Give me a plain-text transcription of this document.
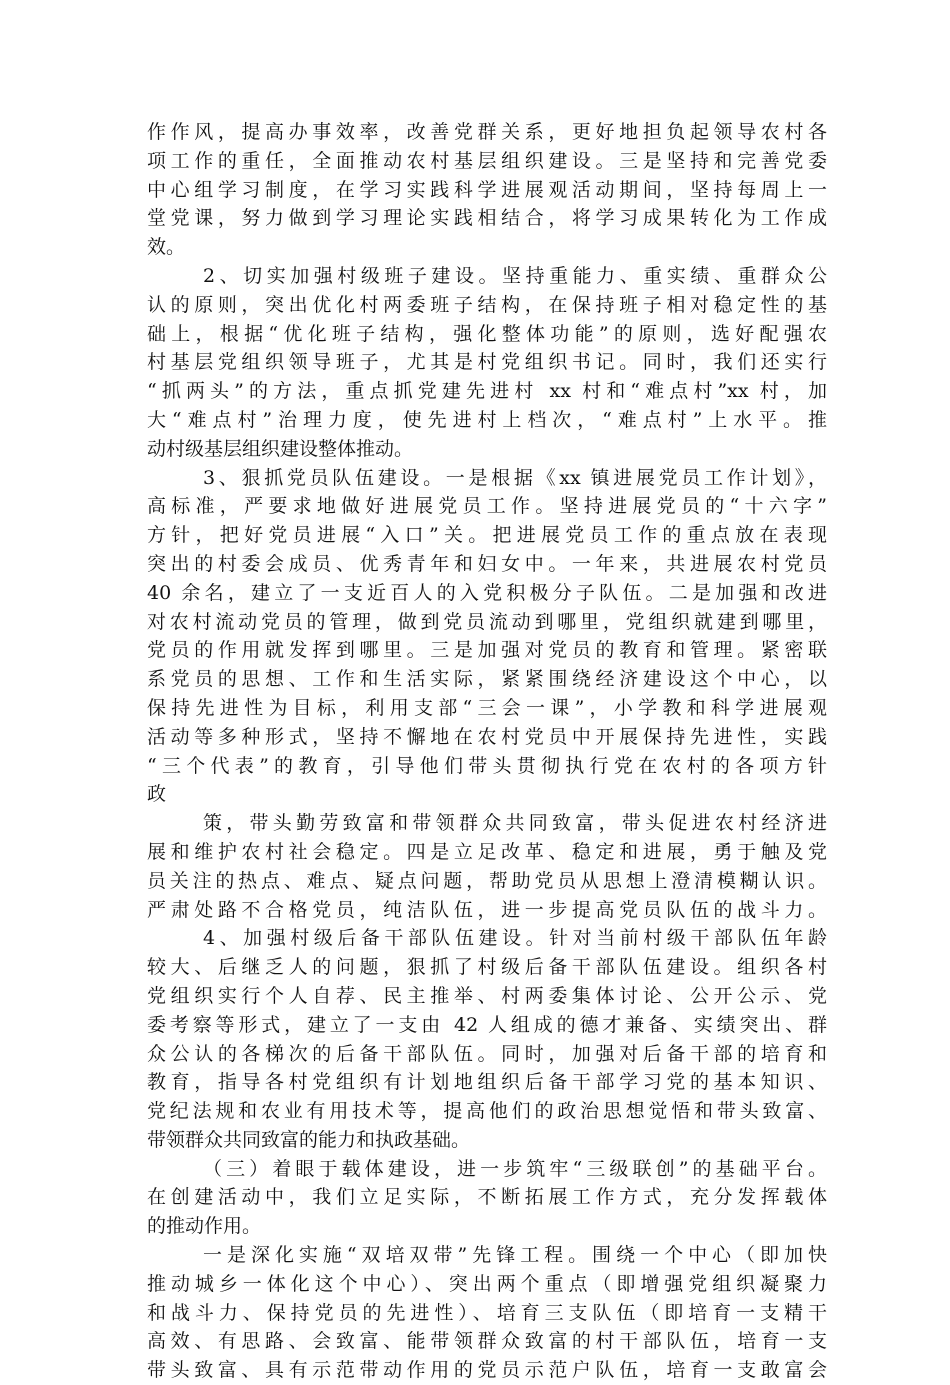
作作风，提高办事效率，改善党群关系，更好地担负起领导农村各
项工作的重任，全面推动农村基层组织建设。三是坚持和完善党委
中心组学习制度，在学习实践科学进展观活动期间，坚持每周上一
堂党课，努力做到学习理论实践相结合，将学习成果转化为工作成
效。
2、切实加强村级班子建设。坚持重能力、重实绩、重群众公
认的原则，突出优化村两委班子结构，在保持班子相对稳定性的基
础上，根据“优化班子结构，强化整体功能”的原则，选好配强农
村基层党组织领导班子，尤其是村党组织书记。同时，我们还实行
“抓两头”的方法，重点抓党建先进村 xx 村和“难点村”xx 村，加
大“难点村”治理力度，使先进村上档次，“难点村”上水平。推
动村级基层组织建设整体推动。
3、狠抓党员队伍建设。一是根据《xx 镇进展党员工作计划》，
高标准，严要求地做好进展党员工作。坚持进展党员的“十六字”
方针，把好党员进展“入口”关。把进展党员工作的重点放在表现
突出的村委会成员、优秀青年和妇女中。一年来，共进展农村党员
40 余名，建立了一支近百人的入党积极分子队伍。二是加强和改进
对农村流动党员的管理，做到党员流动到哪里，党组织就建到哪里，
党员的作用就发挥到哪里。三是加强对党员的教育和管理。紧密联
系党员的思想、工作和生活实际，紧紧围绕经济建设这个中心，以
保持先进性为目标，利用支部“三会一课”，小学教和科学进展观
活动等多种形式，坚持不懈地在农村党员中开展保持先进性，实践
“三个代表”的教育，引导他们带头贯彻执行党在农村的各项方针
政
策，带头勤劳致富和带领群众共同致富，带头促进农村经济进
展和维护农村社会稳定。四是立足改革、稳定和进展，勇于触及党
员关注的热点、难点、疑点问题，帮助党员从思想上澄清模糊认识。
严肃处路不合格党员，纯洁队伍，进一步提高党员队伍的战斗力。
4、加强村级后备干部队伍建设。针对当前村级干部队伍年龄
较大、后继乏人的问题，狠抓了村级后备干部队伍建设。组织各村
党组织实行个人自荐、民主推举、村两委集体讨论、公开公示、党
委考察等形式，建立了一支由 42 人组成的德才兼备、实绩突出、群
众公认的各梯次的后备干部队伍。同时，加强对后备干部的培育和
教育，指导各村党组织有计划地组织后备干部学习党的基本知识、
党纪法规和农业有用技术等，提高他们的政治思想觉悟和带头致富、
带领群众共同致富的能力和执政基础。
（三）着眼于载体建设，进一步筑牢“三级联创”的基础平台。
在创建活动中，我们立足实际，不断拓展工作方式，充分发挥载体
的推动作用。
一是深化实施“双培双带”先锋工程。围绕一个中心（即加快
推动城乡一体化这个中心）、突出两个重点（即增强党组织凝聚力
和战斗力、保持党员的先进性）、培育三支队伍（即培育一支精干
高效、有思路、会致富、能带领群众致富的村干部队伍，培育一支
带头致富、具有示范带动作用的党员示范户队伍，培育一支敢富会
